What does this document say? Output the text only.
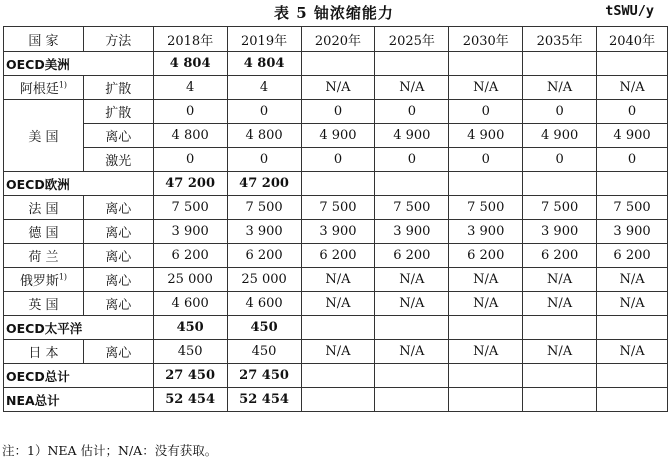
表 5 铀浓缩能力	tSWU/y
国 家	方法	2018年	2019年	2020年	2025年	2030年	2035年	2040年
OECD美洲		4 804	4 804					
阿根廷$^{1)}$	扩散	4	4	N/A	N/A	N/A	N/A	N/A
美 国	扩散	0	0	0	0	0	0	0
	离心	4 800	4 800	4 900	4 900	4 900	4 900	4 900
	激光	0	0	0	0	0	0	0
OECD欧洲		47 200	47 200					
法 国	离心	7 500	7 500	7 500	7 500	7 500	7 500	7 500
德 国	离心	3 900	3 900	3 900	3 900	3 900	3 900	3 900
荷 兰	离心	6 200	6 200	6 200	6 200	6 200	6 200	6 200
俄罗斯$^{1)}$	离心	25 000	25 000	N/A	N/A	N/A	N/A	N/A
英 国	离心	4 600	4 600	N/A	N/A	N/A	N/A	N/A
OECD太平洋		450	450					
日 本	离心	450	450	N/A	N/A	N/A	N/A	N/A
OECD总计		27 450	27 450					
NEA总计		52 454	52 454					
注：1）NEA 估计；N/A：没有获取。
